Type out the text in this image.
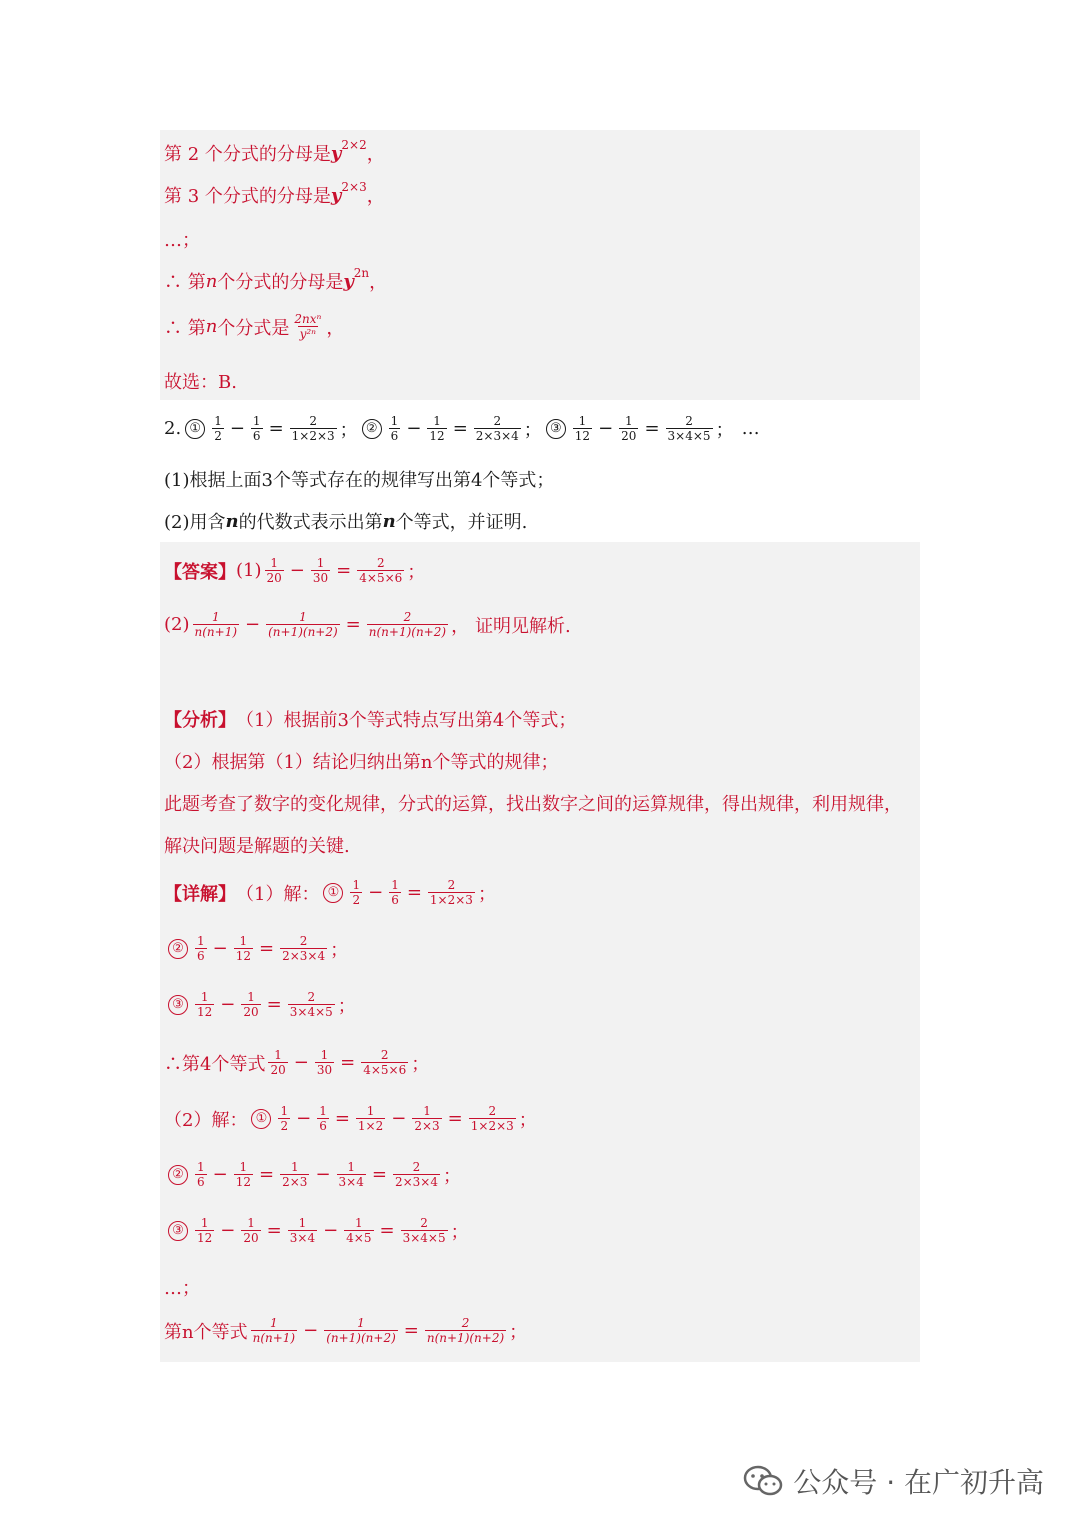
第 2 个分式的分母是 y 2×2 ，
第 3 个分式的分母是 y 2×3 ，
…；
∴ 第 n 个分式的分母是 y 2n ，
∴ 第 n 个分式是 $\frac{\text{2nxⁿ}}{\text{y²ⁿ}}$ ，
故选：B.
2. ① $\frac{1}{2} - \frac{1}{6} = \frac{2}{1\times 2\times 3}$ ； ② $\frac{1}{6} - \frac{1}{12} = \frac{2}{2\times 3\times 4}$ ； ③ $\frac{1}{12} - \frac{1}{20} = \frac{2}{3\times 4\times 5}$ ； …
(1)根据上面3个等式存在的规律写出第4个等式；
(2)用含 n 的代数式表示出第 n 个等式，并证明.
【答案】 $(1) \frac{1}{20} - \frac{1}{30} = \frac{2}{4\times 5\times 6}$ ；
$(2) \frac{1}{n(n+1)} - \frac{1}{(n+1)(n+2)} = \frac{2}{n(n+1)(n+2)}$ ， 证明见解析.
【分析】 （1）根据前3个等式特点写出第4个等式；
（2）根据第（1）结论归纳出第n个等式的规律；
此题考查了数字的变化规律，分式的运算，找出数字之间的运算规律，得出规律，利用规律，
解决问题是解题的关键.
【详解】 （1）解： ① $\frac{1}{2} - \frac{1}{6} = \frac{2}{1\times 2\times 3}$ ；
② $\frac{1}{6} - \frac{1}{12} = \frac{2}{2\times 3\times 4}$ ；
③ $\frac{1}{12} - \frac{1}{20} = \frac{2}{3\times 4\times 5}$ ；
∴第4个等式 $\frac{1}{20} - \frac{1}{30} = \frac{2}{4\times 5\times 6}$ ；
（2）解： ① $\frac{1}{2} - \frac{1}{6} = \frac{1}{1\times 2} - \frac{1}{2\times 3} = \frac{2}{1\times 2\times 3}$ ；
② $\frac{1}{6} - \frac{1}{12} = \frac{1}{2\times 3} - \frac{1}{3\times 4} = \frac{2}{2\times 3\times 4}$ ；
③ $\frac{1}{12} - \frac{1}{20} = \frac{1}{3\times 4} - \frac{1}{4\times 5} = \frac{2}{3\times 4\times 5}$ ；
…；
第n个等式 $\frac{1}{n(n+1)} - \frac{1}{(n+1)(n+2)} = \frac{2}{n(n+1)(n+2)}$ ；
公众号 · 在广初升高
